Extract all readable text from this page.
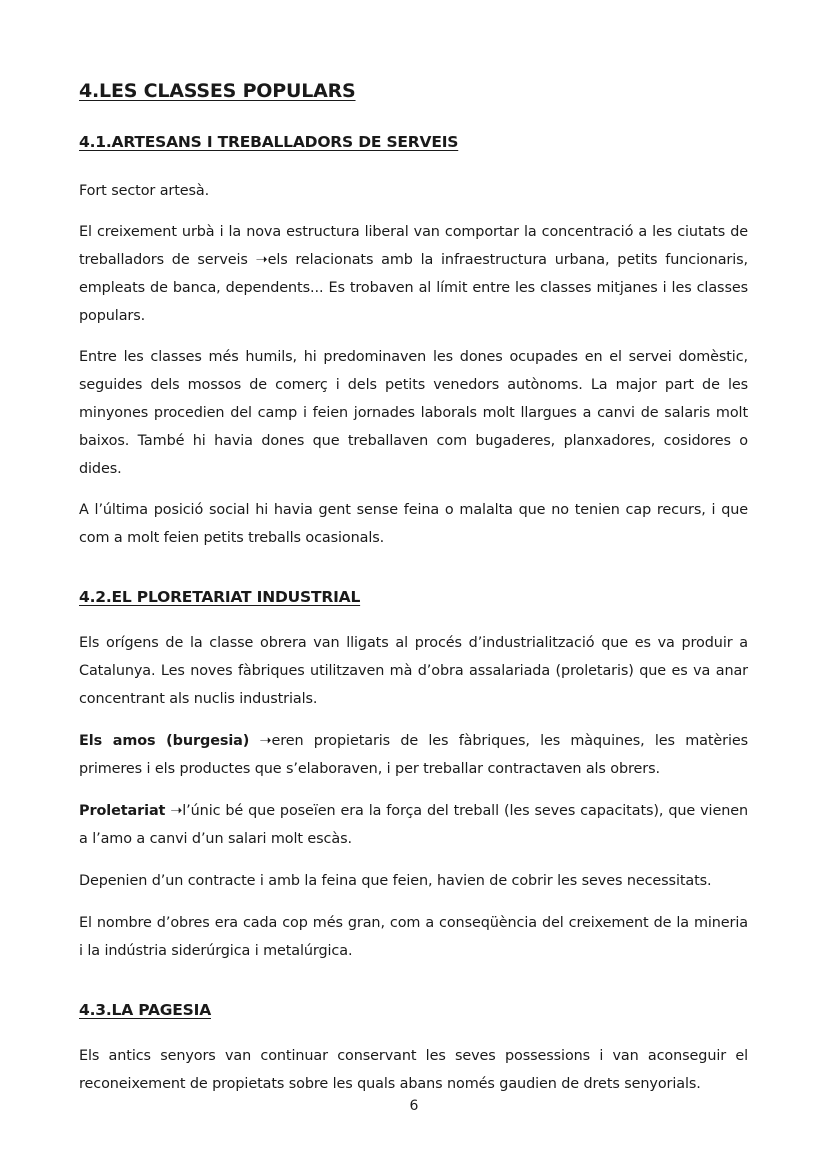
4.LES CLASSES POPULARS
4.1.ARTESANS I TREBALLADORS DE SERVEIS

Fort sector artesà.

El creixement urbà i la nova estructura liberal van comportar la concentració a les ciutats de treballadors de serveis ➝els relacionats amb la infraestructura urbana, petits funcionaris, empleats de banca, dependents... Es trobaven al límit entre les classes mitjanes i les classes populars.

Entre les classes més humils, hi predominaven les dones ocupades en el servei domèstic, seguides dels mossos de comerç i dels petits venedors autònoms. La major part de les minyones procedien del camp i feien jornades laborals molt llargues a canvi de salaris molt baixos. També hi havia dones que treballaven com bugaderes, planxadores, cosidores o dides.

A l’última posició social hi havia gent sense feina o malalta que no tenien cap recurs, i que com a molt feien petits treballs ocasionals.

4.2.EL PLORETARIAT INDUSTRIAL

Els orígens de la classe obrera van lligats al procés d’industrialització que es va produir a Catalunya. Les noves fàbriques utilitzaven mà d’obra assalariada (proletaris) que es va anar concentrant als nuclis industrials.

Els amos (burgesia) ➝eren propietaris de les fàbriques, les màquines, les matèries primeres i els productes que s’elaboraven, i per treballar contractaven als obrers.

Proletariat ➝l’únic bé que poseïen era la força del treball (les seves capacitats), que vienen a l’amo a canvi d’un salari molt escàs.

Depenien d’un contracte i amb la feina que feien, havien de cobrir les seves necessitats.

El nombre d’obres era cada cop més gran, com a conseqüència del creixement de la mineria i la indústria siderúrgica i metalúrgica.

4.3.LA PAGESIA

Els antics senyors van continuar conservant les seves possessions i van aconseguir el reconeixement de propietats sobre les quals abans només gaudien de drets senyorials.

6
